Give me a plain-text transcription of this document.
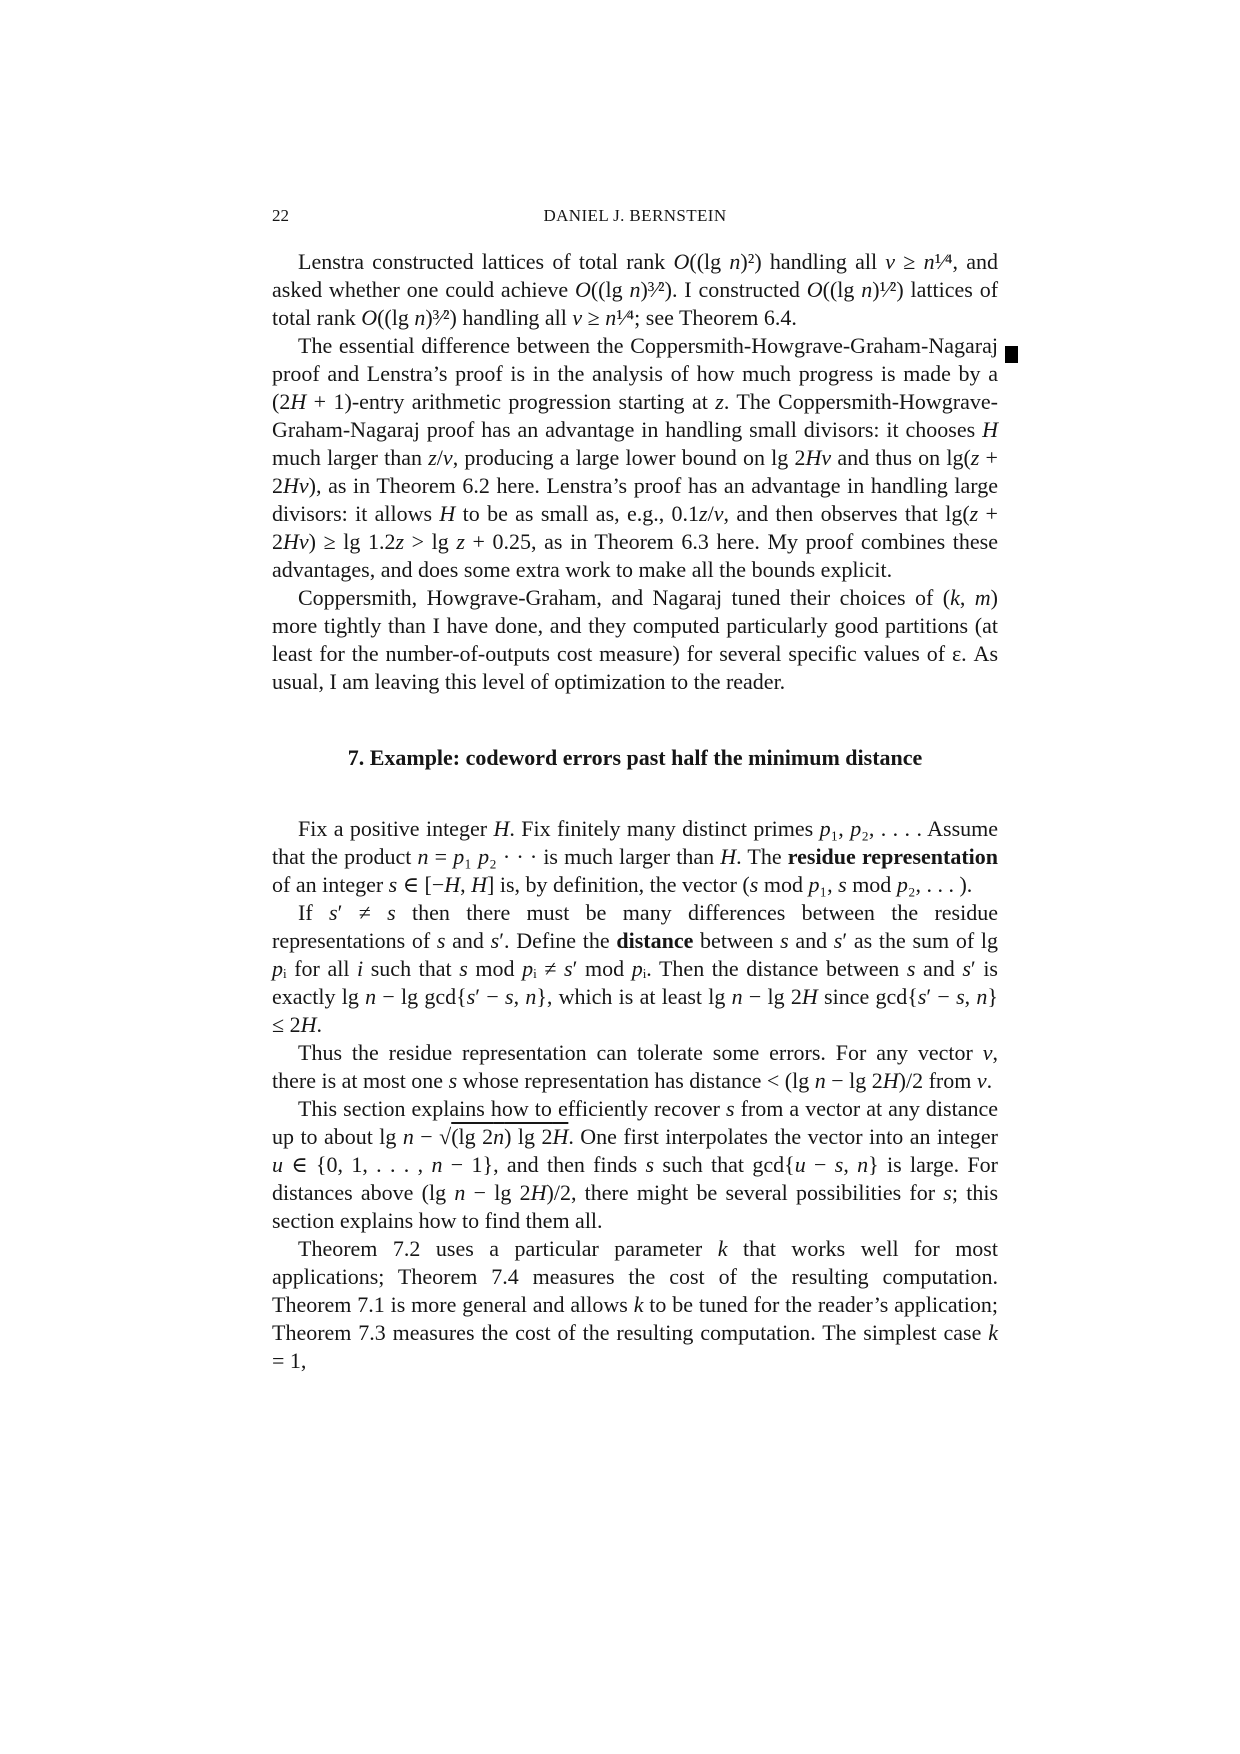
22	DANIEL J. BERNSTEIN

Lenstra constructed lattices of total rank O((lg n)²) handling all v ≥ n¹⁄⁴, and asked whether one could achieve O((lg n)³⁄²). I constructed O((lg n)¹⁄²) lattices of total rank O((lg n)³⁄²) handling all v ≥ n¹⁄⁴; see Theorem 6.4.

The essential difference between the Coppersmith-Howgrave-Graham-Nagaraj proof and Lenstra’s proof is in the analysis of how much progress is made by a (2H + 1)-entry arithmetic progression starting at z. The Coppersmith-Howgrave-Graham-Nagaraj proof has an advantage in handling small divisors: it chooses H much larger than z/v, producing a large lower bound on lg 2Hv and thus on lg(z + 2Hv), as in Theorem 6.2 here. Lenstra’s proof has an advantage in handling large divisors: it allows H to be as small as, e.g., 0.1z/v, and then observes that lg(z + 2Hv) ≥ lg 1.2z > lg z + 0.25, as in Theorem 6.3 here. My proof combines these advantages, and does some extra work to make all the bounds explicit.

Coppersmith, Howgrave-Graham, and Nagaraj tuned their choices of (k, m) more tightly than I have done, and they computed particularly good partitions (at least for the number-of-outputs cost measure) for several specific values of ε. As usual, I am leaving this level of optimization to the reader.

7. Example: codeword errors past half the minimum distance

Fix a positive integer H. Fix finitely many distinct primes p₁, p₂, . . . . Assume that the product n = p₁ p₂ · · · is much larger than H. The residue representation of an integer s ∈ [−H, H] is, by definition, the vector (s mod p₁, s mod p₂, . . . ).

If s′ ≠ s then there must be many differences between the residue representations of s and s′. Define the distance between s and s′ as the sum of lg pᵢ for all i such that s mod pᵢ ≠ s′ mod pᵢ. Then the distance between s and s′ is exactly lg n − lg gcd{s′ − s, n}, which is at least lg n − lg 2H since gcd{s′ − s, n} ≤ 2H.

Thus the residue representation can tolerate some errors. For any vector v, there is at most one s whose representation has distance < (lg n − lg 2H)/2 from v.

This section explains how to efficiently recover s from a vector at any distance up to about lg n − √(lg 2n) lg 2H. One first interpolates the vector into an integer u ∈ {0, 1, . . . , n − 1}, and then finds s such that gcd{u − s, n} is large. For distances above (lg n − lg 2H)/2, there might be several possibilities for s; this section explains how to find them all.

Theorem 7.2 uses a particular parameter k that works well for most applications; Theorem 7.4 measures the cost of the resulting computation. Theorem 7.1 is more general and allows k to be tuned for the reader’s application; Theorem 7.3 measures the cost of the resulting computation. The simplest case k = 1,
